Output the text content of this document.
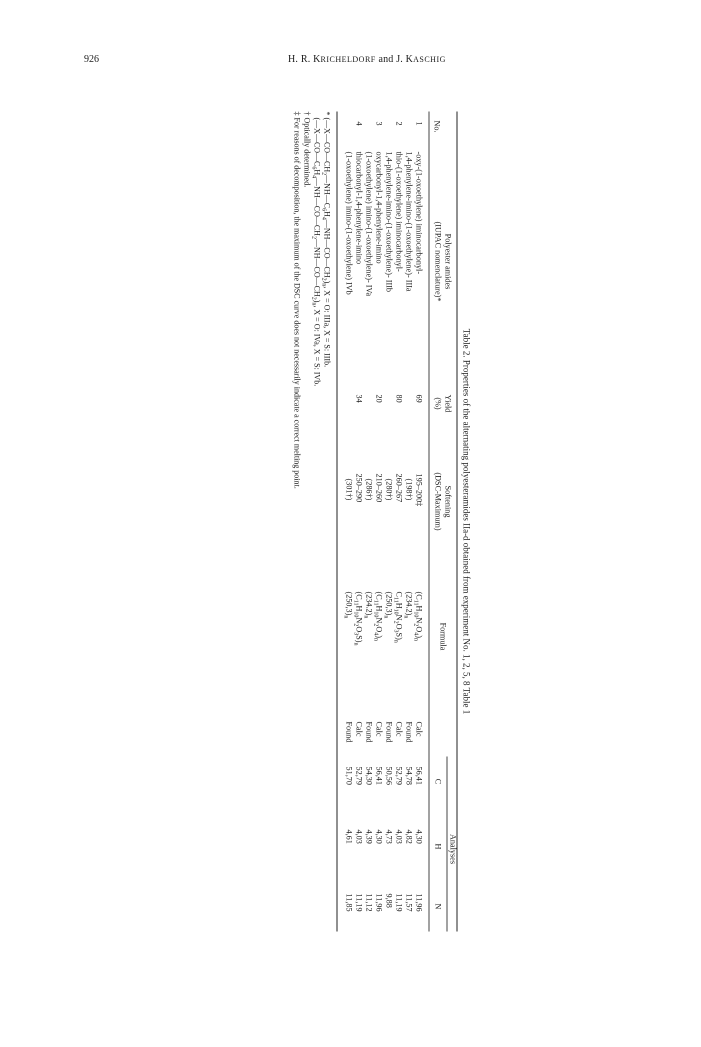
926	H. R. KRICHELDORF and J. KASCHIG
Table 2. Properties of the alternating polyesteramides IIa-d obtained from experiment No. 1, 2, 5, 8 Table 1
No.
Polyester amides
(IUPAC nomenclature)*
Yield
(%)
Softening
(DSC-Maximum)
Formula
Analyses
C
H
N
1
-oxy-(1-oxoethylene) iminocarbonyl-
1,4-phenylene-imino-(1-oxoethylene)- IIIa
69
195–200‡
(198†)
$(C_{11}H_{10}N_2O_4)_n$
$(234.2)_n$
Calc
Found
56,41
54,78
4,30
4,82
11,96
11,57
2
thio-(1-oxoethylene) iminocarbonyl-
1,4-phenylene-imino-(1-oxoethylene)- IIIb
80
260–267
(280†)
$C_{11}H_{10}N_2O_3S)_n$
$(250,3)_n$
Calc
Found
52,79
50,56
4,03
4,73
11,19
9,88
3
oxycarbonyl-1,4-phenylene-imino
(1-oxoethylene) imino-(1-oxoethylene)- IVa
20
210–260
(286†)
$(C_{11}H_{10}N_2O_4)_n$
$(234.2)_n$
Calc
Found
56,41
54,30
4,30
4,39
11,96
11,12
4
thiocarbonyl-1,4-phenylene-imino
(1-oxoethylene) imino-(1-oxoethylene) IVb
34
250–290
(301†)
$(C_{11}H_{10}N_2O_3S)_n$
$(250,3)_n$
Calc
Found
52,79
51,70
4,03
4,61
11,19
11,85
* $(—X—CO—CH_2—NH—C_6H_4—NH—CO—CH_2)_n$, X = O: IIIa, X = S: IIIb.
$(—X—CO—C_6H_4—NH—CO—CH_2—NH—CO—CH_2)_n$, X = O: IVa, X = S: IVb.
† Optically determined.
‡ For reasons of decomposition, the maximum of the DSC curve does not necessarily indicate a correct melting point.
